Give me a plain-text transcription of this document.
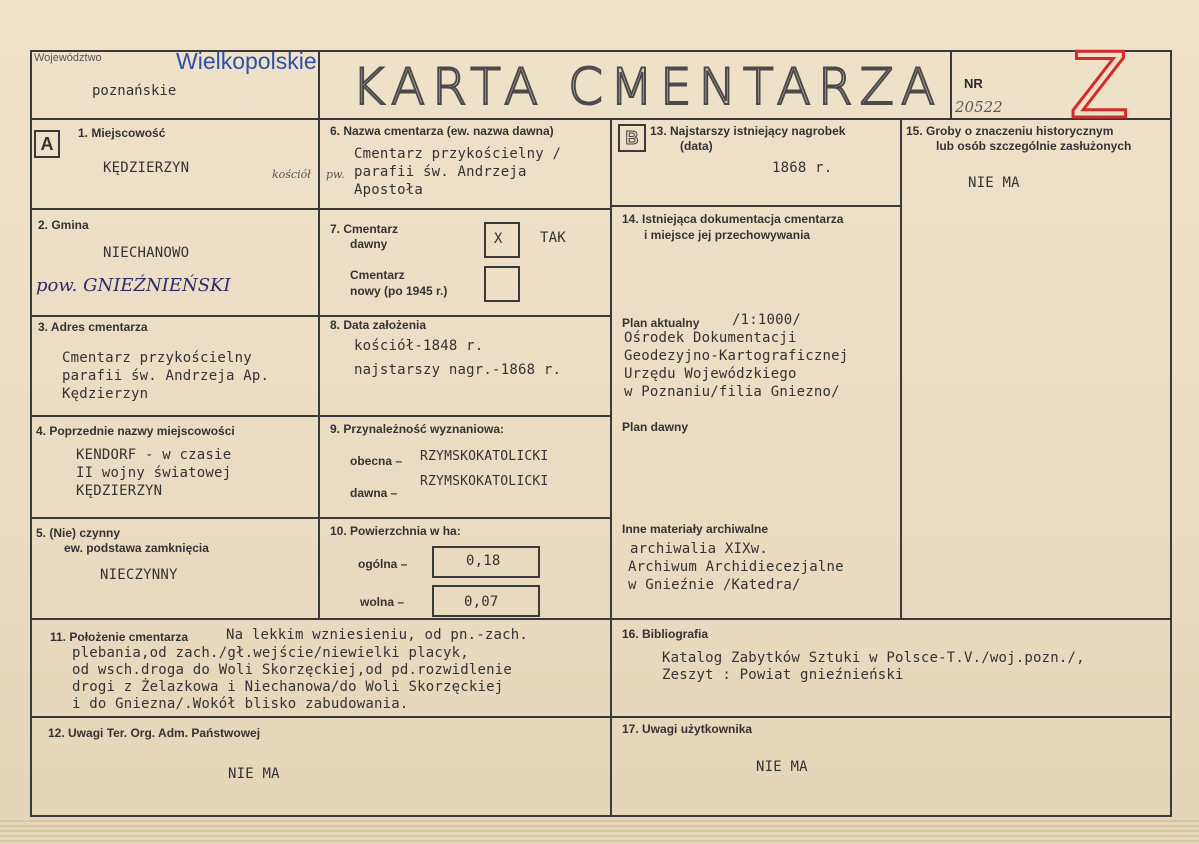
Województwo	Wielkopolskie
poznańskie	KARTA CMENTARZA NR
20522 Z
A	B
1. Miejscowość
KĘDZIERZYN	kościół
2. Gmina
NIECHANOWO
pow. GNIEŹNIEŃSKI
3. Adres cmentarza
Cmentarz przykościelny
parafii św. Andrzeja Ap.
Kędzierzyn
4. Poprzednie nazwy miejscowości
KENDORF - w czasie
II wojny światowej
KĘDZIERZYN
5. (Nie) czynny
ew. podstawa zamknięcia
NIECZYNNY
6. Nazwa cmentarza (ew. nazwa dawna)
pw.
Cmentarz przykościelny /
parafii św. Andrzeja
Apostoła
7. Cmentarz
dawny	X	TAK
Cmentarz
nowy (po 1945 r.)
8. Data założenia
kościół-1848 r.
najstarszy nagr.-1868 r.
9. Przynależność wyznaniowa:
obecna – RZYMSKOKATOLICKI
dawna –
RZYMSKOKATOLICKI
10. Powierzchnia w ha:
ogólna –	0,18
wolna –	0,07
11. Położenie cmentarza	Na lekkim wzniesieniu, od pn.-zach.
plebania,od zach./gł.wejście/niewielki placyk,
od wsch.droga do Woli Skorzęckiej,od pd.rozwidlenie
drogi z Żelazkowa i Niechanowa/do Woli Skorzęckiej
i do Gniezna/.Wokół blisko zabudowania.
12. Uwagi Ter. Org. Adm. Państwowej
NIE MA
13. Najstarszy istniejący nagrobek
(data)
1868 r.
14. Istniejąca dokumentacja cmentarza
i miejsce jej przechowywania
Plan aktualny /1:1000/
Ośrodek Dokumentacji
Geodezyjno-Kartograficznej
Urzędu Wojewódzkiego
w Poznaniu/filia Gniezno/
Plan dawny
Inne materiały archiwalne
archiwalia XIXw.
Archiwum Archidiecezjalne
w Gnieźnie /Katedra/
15. Groby o znaczeniu historycznym
lub osób szczególnie zasłużonych
NIE MA
16. Bibliografia
Katalog Zabytków Sztuki w Polsce-T.V./woj.pozn./,
Zeszyt : Powiat gnieźnieński
17. Uwagi użytkownika
NIE MA
